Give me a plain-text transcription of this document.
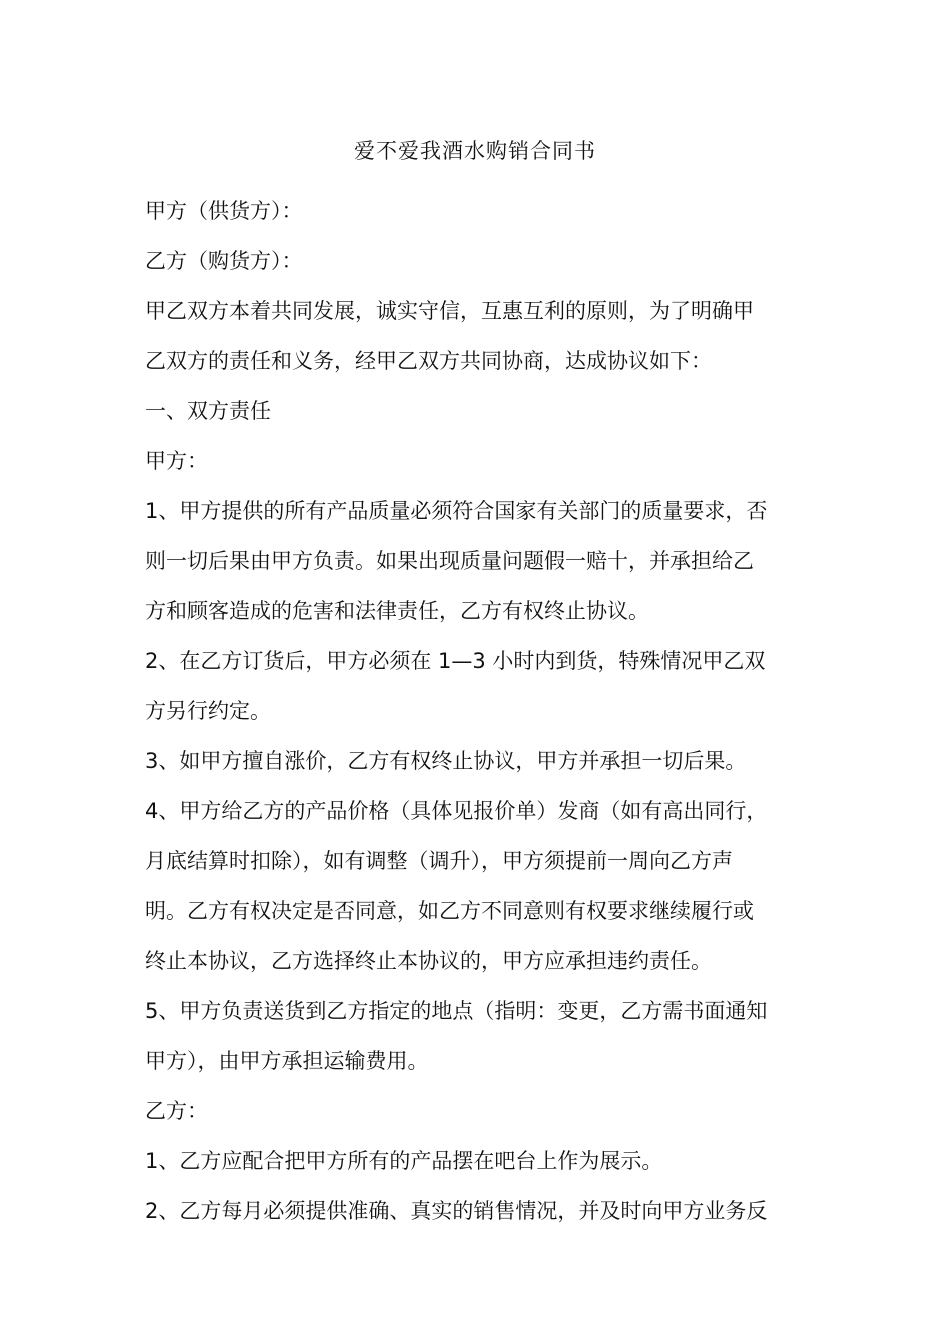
爱不爱我酒水购销合同书
甲方（供货方）：
乙方（购货方）：
甲乙双方本着共同发展，诚实守信，互惠互利的原则，为了明确甲
乙双方的责任和义务，经甲乙双方共同协商，达成协议如下：
一、双方责任
甲方：
1、甲方提供的所有产品质量必须符合国家有关部门的质量要求，否
则一切后果由甲方负责。如果出现质量问题假一赔十，并承担给乙
方和顾客造成的危害和法律责任，乙方有权终止协议。
2、在乙方订货后，甲方必须在 1—3 小时内到货，特殊情况甲乙双
方另行约定。
3、如甲方擅自涨价，乙方有权终止协议，甲方并承担一切后果。
4、甲方给乙方的产品价格（具体见报价单）发商（如有高出同行，
月底结算时扣除），如有调整（调升），甲方须提前一周向乙方声
明。乙方有权决定是否同意，如乙方不同意则有权要求继续履行或
终止本协议，乙方选择终止本协议的，甲方应承担违约责任。
5、甲方负责送货到乙方指定的地点（指明：变更，乙方需书面通知
甲方），由甲方承担运输费用。
乙方：
1、乙方应配合把甲方所有的产品摆在吧台上作为展示。
2、乙方每月必须提供准确、真实的销售情况，并及时向甲方业务反
